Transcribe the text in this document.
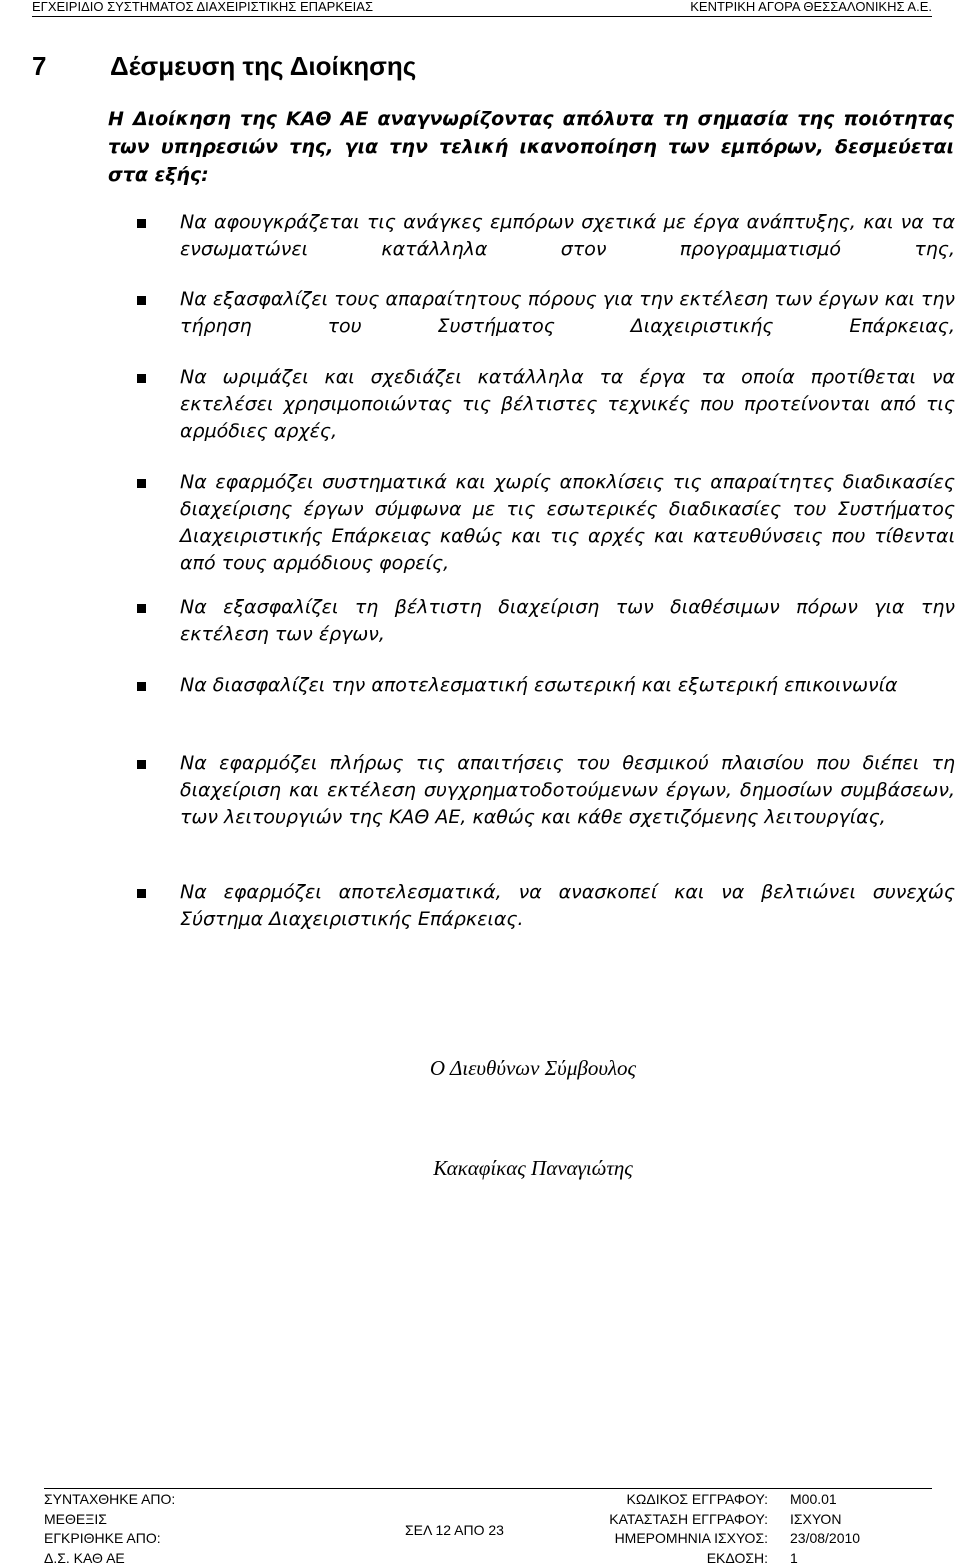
ΕΓΧΕΙΡΙΔΙΟ ΣΥΣΤΗΜΑΤΟΣ ΔΙΑΧΕΙΡΙΣΤΙΚΗΣ ΕΠΑΡΚΕΙΑΣ	ΚΕΝΤΡΙΚΗ ΑΓΟΡΑ ΘΕΣΣΑΛΟΝΙΚΗΣ Α.Ε.
7 Δέσμευση της Διοίκησης
Η Διοίκηση της ΚΑΘ ΑΕ αναγνωρίζοντας απόλυτα τη σημασία της ποιότητας των υπηρεσιών της, για την τελική ικανοποίηση των εμπόρων, δεσμεύεται στα εξής:
Να αφουγκράζεται τις ανάγκες εμπόρων σχετικά με έργα ανάπτυξης, και να τα ενσωματώνει κατάλληλα στον προγραμματισμό της,
Να εξασφαλίζει τους απαραίτητους πόρους για την εκτέλεση των έργων και την τήρηση του Συστήματος Διαχειριστικής Επάρκειας,
Να ωριμάζει και σχεδιάζει κατάλληλα τα έργα τα οποία προτίθεται να εκτελέσει χρησιμοποιώντας τις βέλτιστες τεχνικές που προτείνονται από τις αρμόδιες αρχές,
Να εφαρμόζει συστηματικά και χωρίς αποκλίσεις τις απαραίτητες διαδικασίες διαχείρισης έργων σύμφωνα με τις εσωτερικές διαδικασίες του Συστήματος Διαχειριστικής Επάρκειας καθώς και τις αρχές και κατευθύνσεις που τίθενται από τους αρμόδιους φορείς,
Να εξασφαλίζει τη βέλτιστη διαχείριση των διαθέσιμων πόρων για την εκτέλεση των έργων,
Να διασφαλίζει την αποτελεσματική εσωτερική και εξωτερική επικοινωνία
Να εφαρμόζει πλήρως τις απαιτήσεις του θεσμικού πλαισίου που διέπει τη διαχείριση και εκτέλεση συγχρηματοδοτούμενων έργων, δημοσίων συμβάσεων, των λειτουργιών της ΚΑΘ ΑΕ, καθώς και κάθε σχετιζόμενης λειτουργίας,
Να εφαρμόζει αποτελεσματικά, να ανασκοπεί και να βελτιώνει συνεχώς Σύστημα Διαχειριστικής Επάρκειας.
Ο Διευθύνων Σύμβουλος
Κακαφίκας Παναγιώτης
ΣΥΝΤΑΧΘΗΚΕ ΑΠΟ:
ΜΕΘΕΞΙΣ
ΕΓΚΡΙΘΗΚΕ ΑΠΟ:
Δ.Σ. ΚΑΘ ΑΕ
ΣΕΛ 12 ΑΠΟ 23
ΚΩΔΙΚΟΣ ΕΓΓΡΑΦΟΥ:
ΚΑΤΑΣΤΑΣΗ ΕΓΓΡΑΦΟΥ:
ΗΜΕΡΟΜΗΝΙΑ ΙΣΧΥΟΣ:
ΕΚΔΟΣΗ:
Μ00.01
ΙΣΧΥΟΝ
23/08/2010
1
